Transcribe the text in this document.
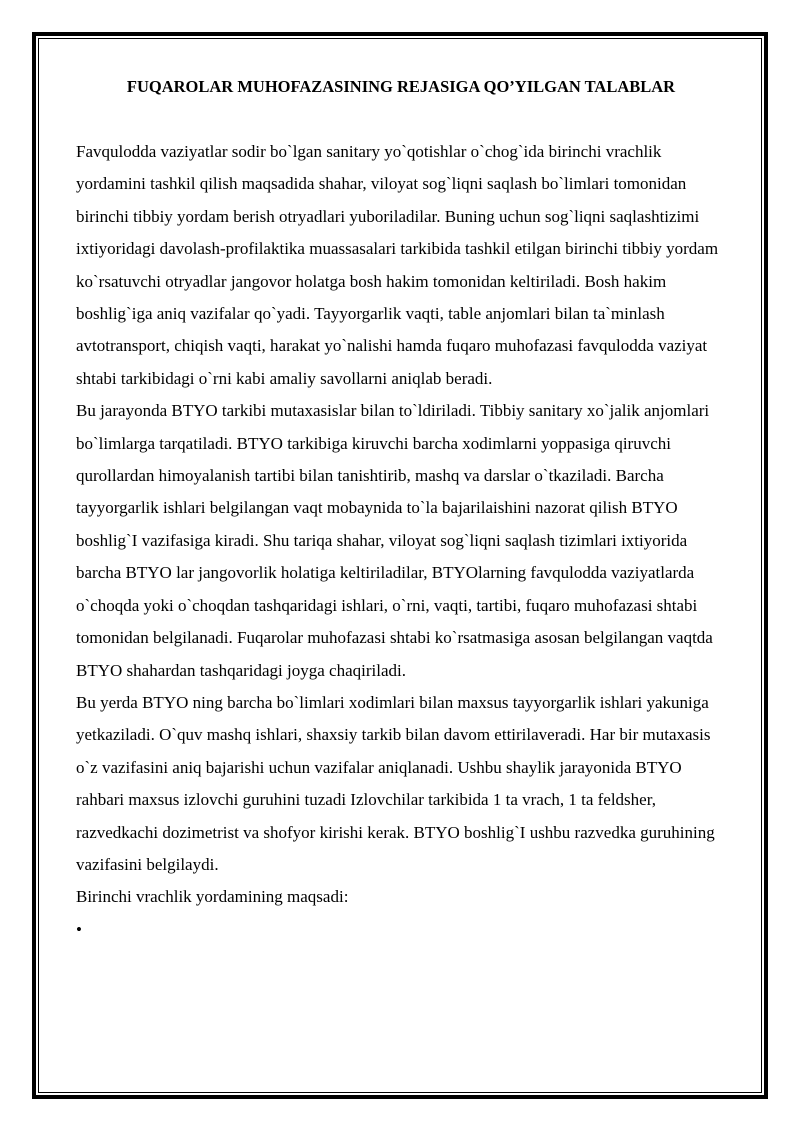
FUQAROLAR MUHOFAZASINING REJASIGA QO’YILGAN TALABLAR

Favqulodda vaziyatlar sodir bo`lgan sanitary yo`qotishlar o`chog`ida birinchi vrachlik yordamini tashkil qilish maqsadida shahar, viloyat sog`liqni saqlash bo`limlari tomonidan birinchi tibbiy yordam berish otryadlari yuboriladilar. Buning uchun sog`liqni saqlashtizimi ixtiyoridagi davolash-profilaktika muassasalari tarkibida tashkil etilgan birinchi tibbiy yordam ko`rsatuvchi otryadlar jangovor holatga bosh hakim tomonidan keltiriladi. Bosh hakim boshlig`iga aniq vazifalar qo`yadi. Tayyorgarlik vaqti, table anjomlari bilan ta`minlash avtotransport, chiqish vaqti, harakat yo`nalishi hamda fuqaro muhofazasi favqulodda vaziyat shtabi tarkibidagi o`rni kabi amaliy savollarni aniqlab beradi.

Bu jarayonda BTYO tarkibi mutaxasislar bilan to`ldiriladi. Tibbiy sanitary xo`jalik anjomlari bo`limlarga tarqatiladi. BTYO tarkibiga kiruvchi barcha xodimlarni yoppasiga qiruvchi qurollardan himoyalanish tartibi bilan tanishtirib, mashq va darslar o`tkaziladi. Barcha tayyorgarlik ishlari belgilangan vaqt mobaynida to`la bajarilaishini nazorat qilish BTYO boshlig`I vazifasiga kiradi. Shu tariqa shahar, viloyat sog`liqni saqlash tizimlari ixtiyorida barcha BTYO lar jangovorlik holatiga keltiriladilar, BTYOlarning favqulodda vaziyatlarda o`choqda yoki o`choqdan tashqaridagi ishlari, o`rni, vaqti, tartibi, fuqaro muhofazasi shtabi tomonidan belgilanadi. Fuqarolar muhofazasi shtabi ko`rsatmasiga asosan belgilangan vaqtda BTYO shahardan tashqaridagi joyga chaqiriladi.

Bu yerda BTYO ning barcha bo`limlari xodimlari bilan maxsus tayyorgarlik ishlari yakuniga yetkaziladi. O`quv mashq ishlari, shaxsiy tarkib bilan davom ettirilaveradi. Har bir mutaxasis o`z vazifasini aniq bajarishi uchun vazifalar aniqlanadi. Ushbu shaylik jarayonida BTYO rahbari maxsus izlovchi guruhini tuzadi Izlovchilar tarkibida 1 ta vrach, 1 ta feldsher, razvedkachi dozimetrist va shofyor kirishi kerak. BTYO boshlig`I ushbu razvedka guruhining vazifasini belgilaydi.

Birinchi vrachlik yordamining maqsadi:

•
